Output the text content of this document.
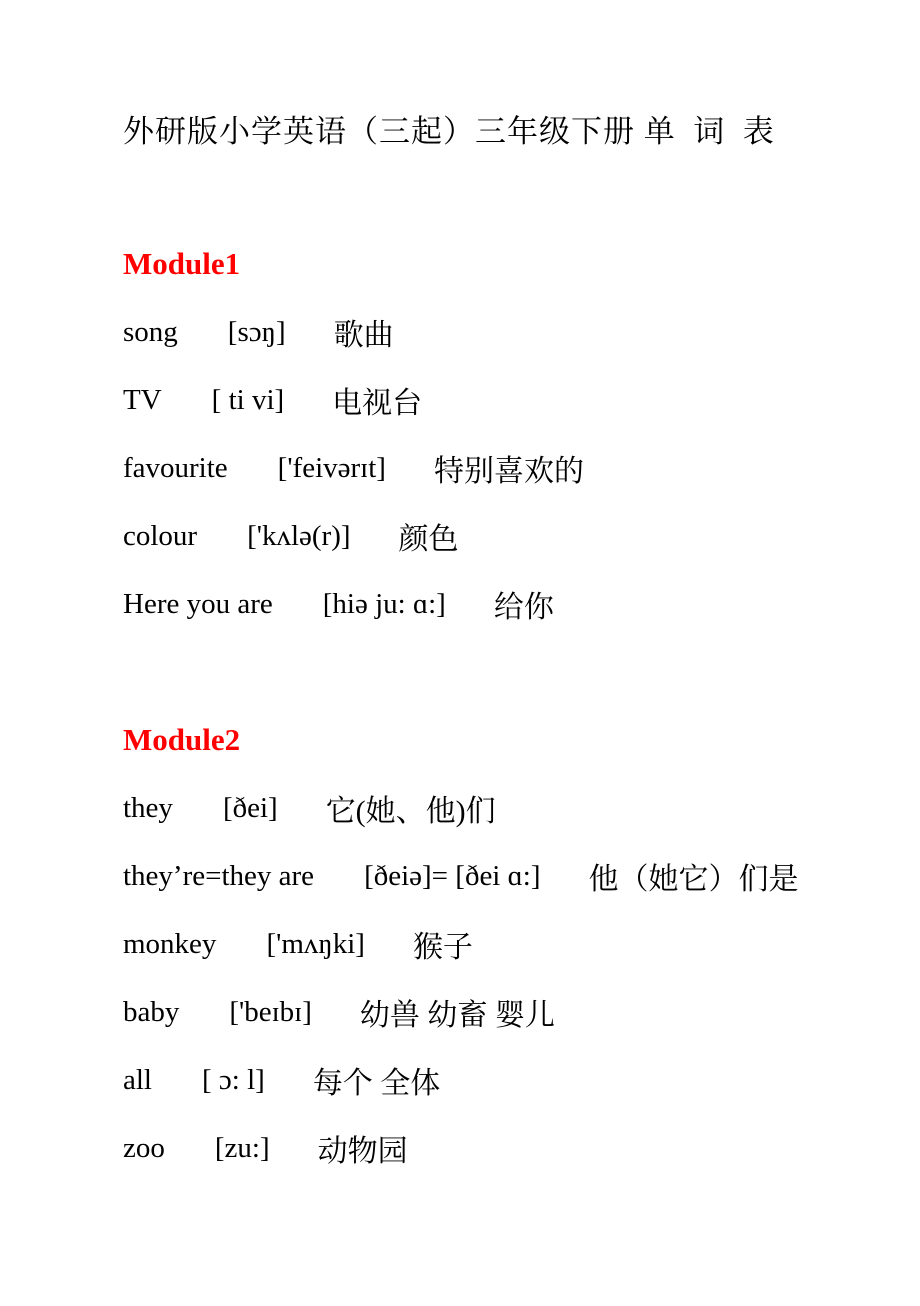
外研版小学英语（三起）三年级下册 单  词  表
Module1
song [sɔŋ] 歌曲
TV [ ti vi] 电视台
favourite ['feivərɪt] 特别喜欢的
colour ['kʌlə(r)] 颜色
Here you are [hiə ju: ɑ:] 给你
Module2
they [ðei] 它(她、他)们
they’re=they are [ðeiə]= [ðei ɑ:] 他（她它）们是
monkey ['mʌŋki] 猴子
baby ['beɪbɪ] 幼兽 幼畜 婴儿
all [ ɔ: l] 每个 全体
zoo [zu:] 动物园
